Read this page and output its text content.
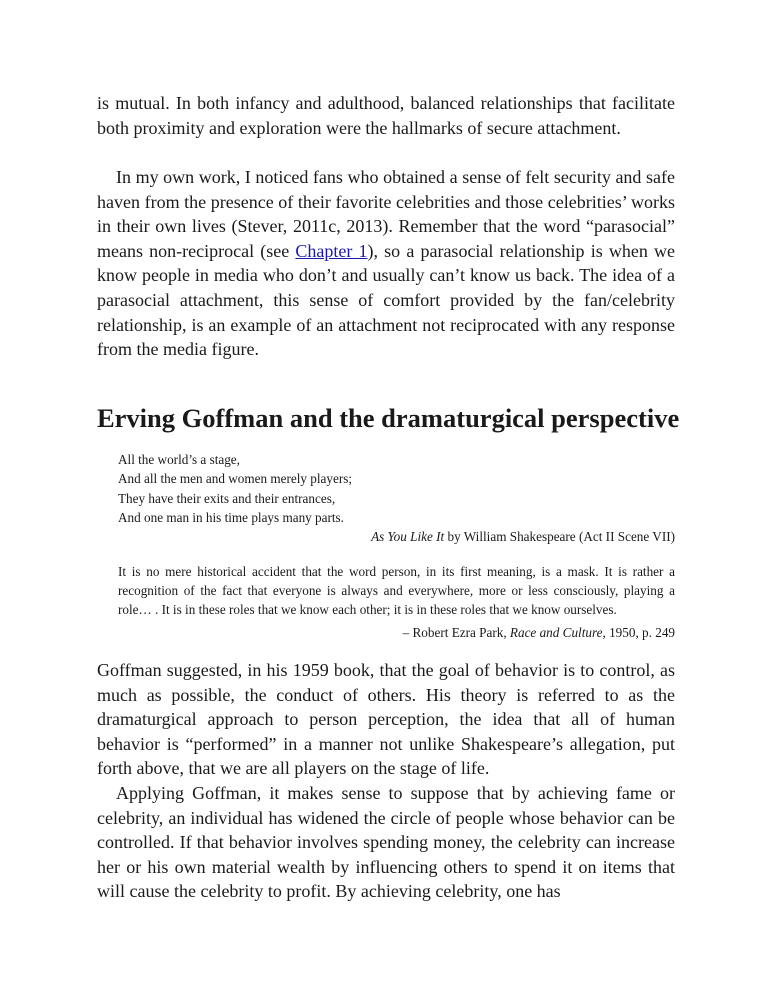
is mutual. In both infancy and adulthood, balanced relationships that facilitate both proximity and exploration were the hallmarks of secure attachment.

In my own work, I noticed fans who obtained a sense of felt security and safe haven from the presence of their favorite celebrities and those celebrities’ works in their own lives (Stever, 2011c, 2013). Remember that the word “parasocial” means non-reciprocal (see Chapter 1), so a parasocial relationship is when we know people in media who don’t and usually can’t know us back. The idea of a parasocial attachment, this sense of comfort provided by the fan/celebrity relationship, is an example of an attachment not reciprocated with any response from the media figure.

Erving Goffman and the dramaturgical perspective
All the world’s a stage,
And all the men and women merely players;
They have their exits and their entrances,
And one man in his time plays many parts.
As You Like It by William Shakespeare (Act II Scene VII)

It is no mere historical accident that the word person, in its first meaning, is a mask. It is rather a recognition of the fact that everyone is always and everywhere, more or less consciously, playing a role… . It is in these roles that we know each other; it is in these roles that we know ourselves.

– Robert Ezra Park, Race and Culture, 1950, p. 249

Goffman suggested, in his 1959 book, that the goal of behavior is to control, as much as possible, the conduct of others. His theory is referred to as the dramaturgical approach to person perception, the idea that all of human behavior is “performed” in a manner not unlike Shakespeare’s allegation, put forth above, that we are all players on the stage of life.

Applying Goffman, it makes sense to suppose that by achieving fame or celebrity, an individual has widened the circle of people whose behavior can be controlled. If that behavior involves spending money, the celebrity can increase her or his own material wealth by influencing others to spend it on items that will cause the celebrity to profit. By achieving celebrity, one has
